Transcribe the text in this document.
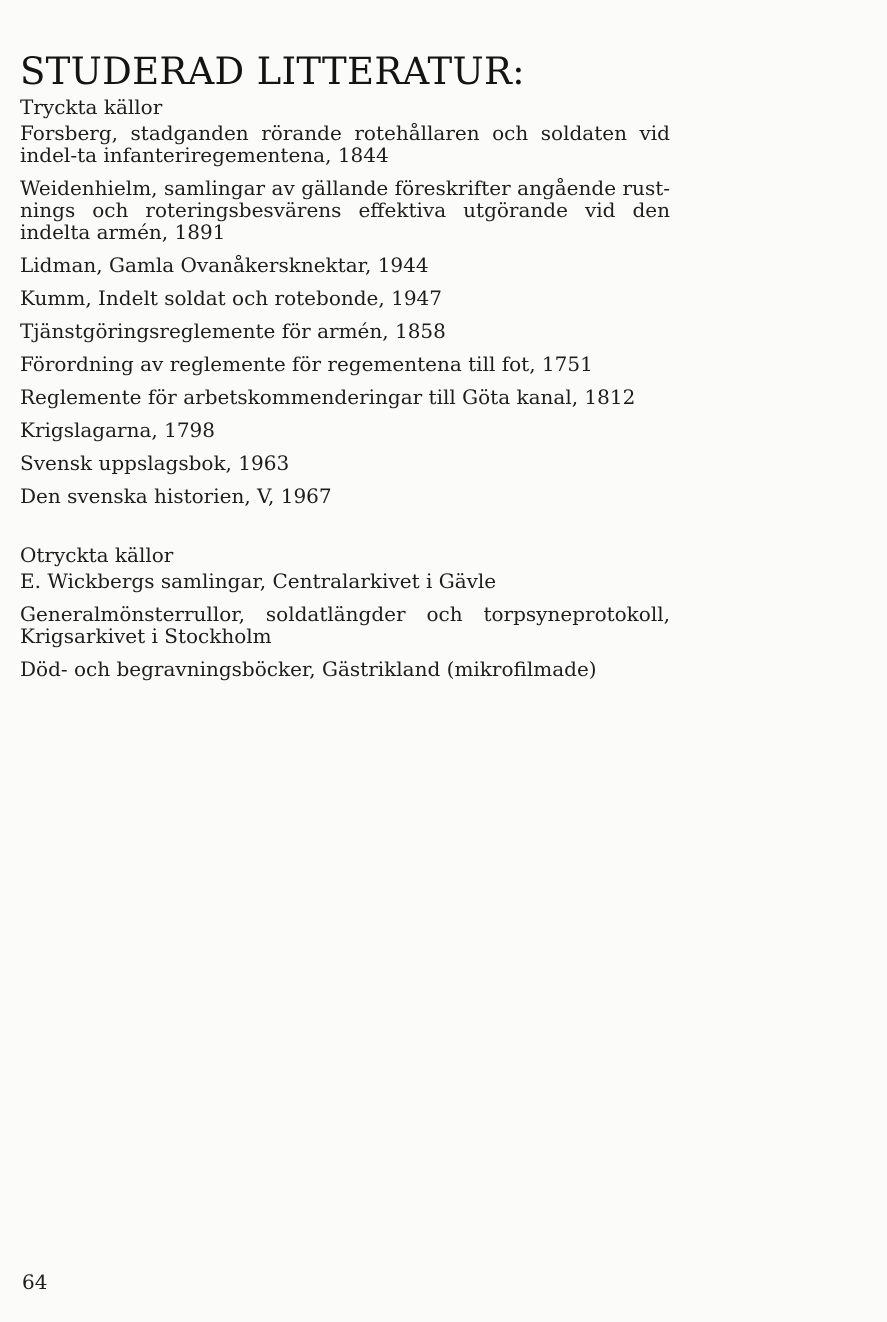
STUDERAD LITTERATUR:
Tryckta källor
Forsberg, stadganden rörande rotehållaren och soldaten vid indel-ta infanteriregementena, 1844
Weidenhielm, samlingar av gällande föreskrifter angående rust-nings och roteringsbesvärens effektiva utgörande vid den indelta armén, 1891
Lidman, Gamla Ovanåkersknektar, 1944
Kumm, Indelt soldat och rotebonde, 1947
Tjänstgöringsreglemente för armén, 1858
Förordning av reglemente för regementena till fot, 1751
Reglemente för arbetskommenderingar till Göta kanal, 1812
Krigslagarna, 1798
Svensk uppslagsbok, 1963
Den svenska historien, V, 1967
Otryckta källor
E. Wickbergs samlingar, Centralarkivet i Gävle
Generalmönsterrullor, soldatlängder och torpsyneprotokoll, Krigsarkivet i Stockholm
Död- och begravningsböcker, Gästrikland (mikrofilmade)
64
